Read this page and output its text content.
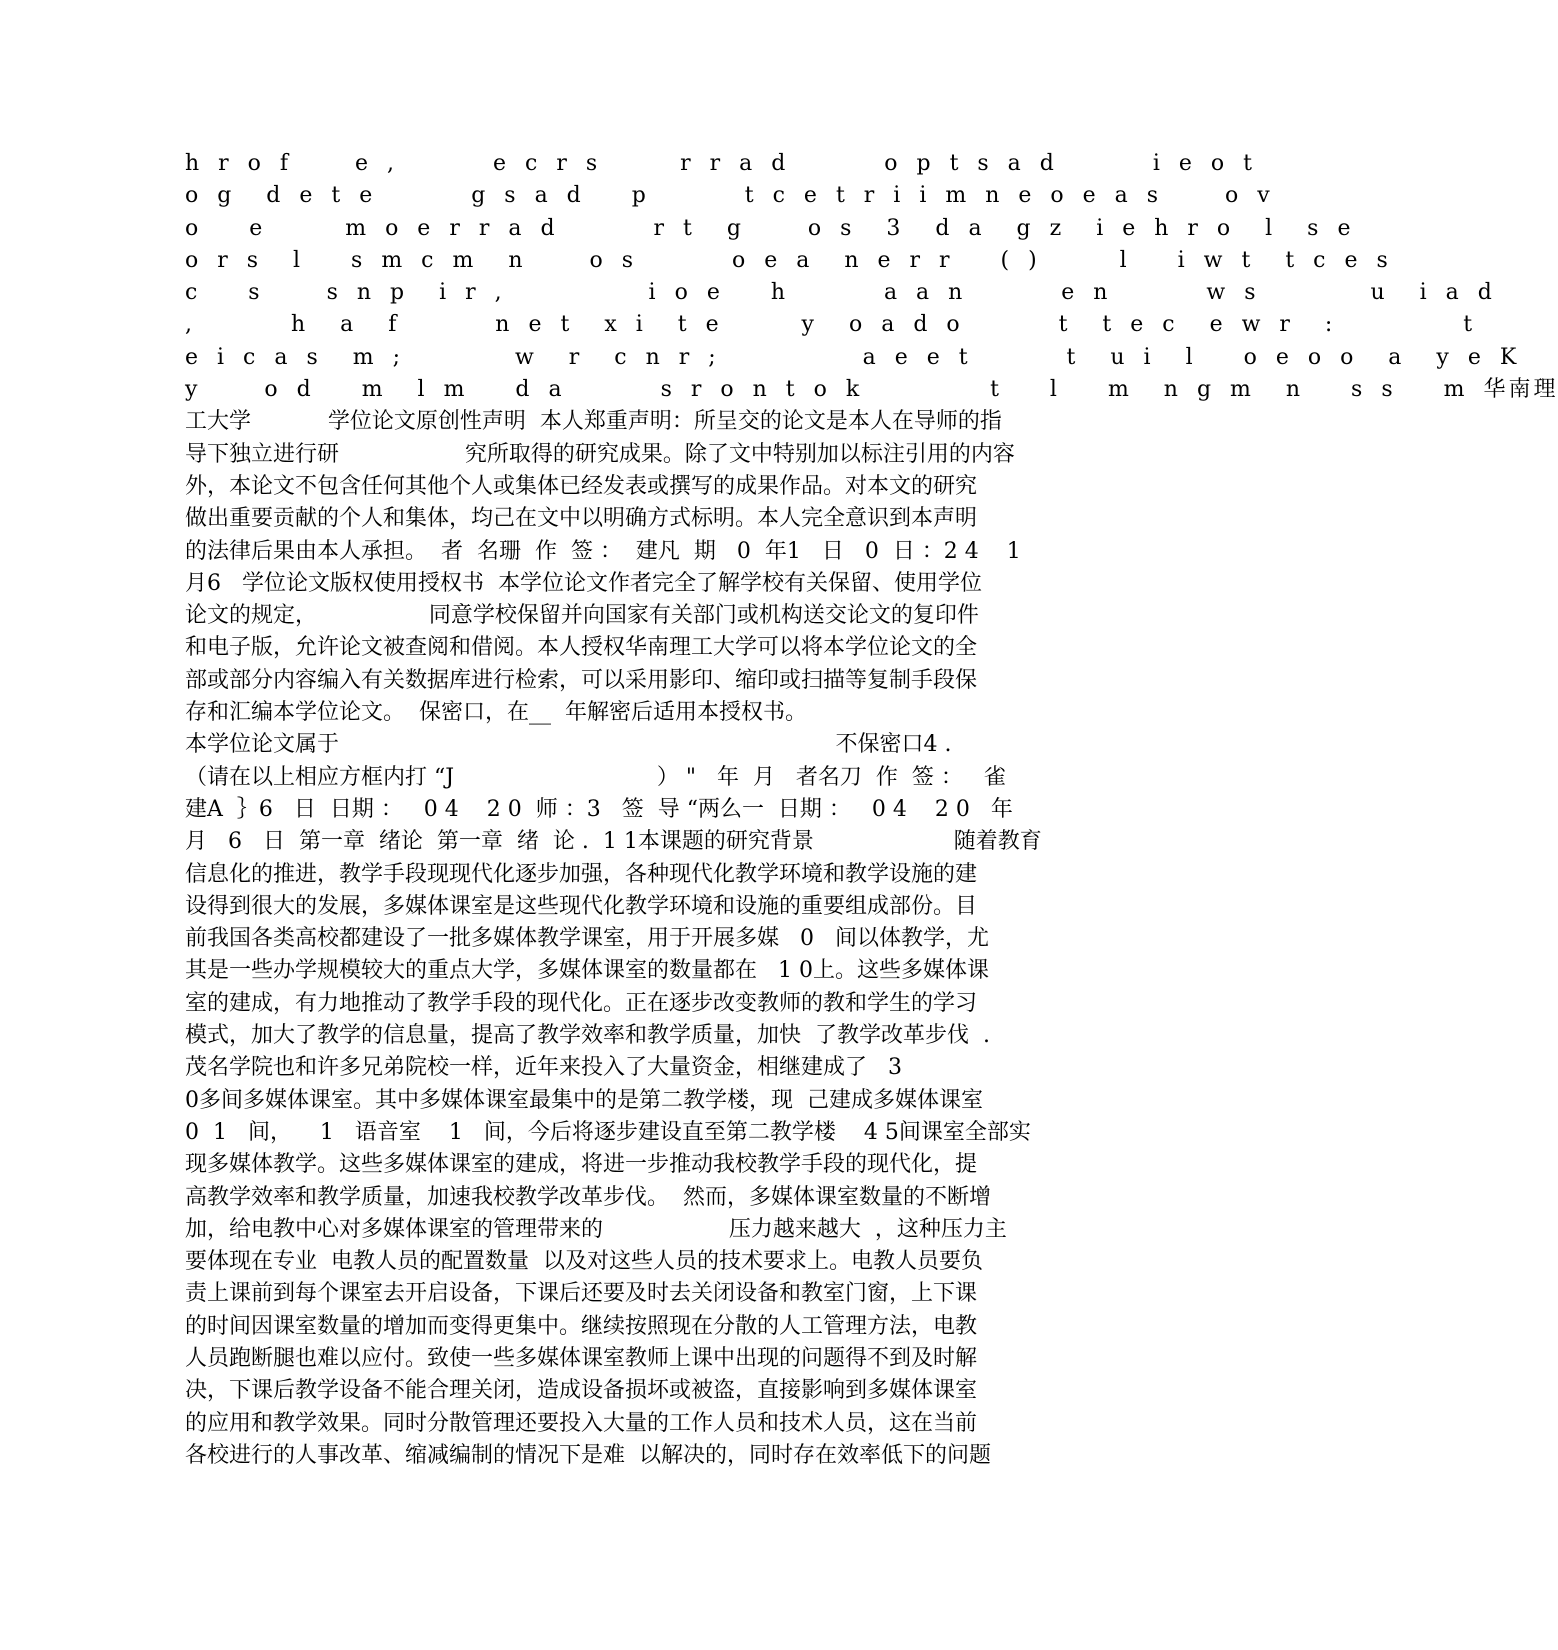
h r o f    e ,      e c r s     r r a d      o p t s a d      i e o t
o g  d e t e      g s a d   p      t c e t r i i m n e o e a s    o v
o   e     m o e r r a d      r t  g    o s  3  d a  g z  i e h r o  l  s e
o r s  l   s m c m  n    o s      o e a  n e r r   ( )     l   i w t  t c e s
c   s    s n p  i r ,         i o e   h      a a n      e n      w s       u  i a d
,      h  a  f      n e t  x i  t e     y  o a d o      t  t e c  e w r  :        t
e i c a s  m ;       w  r  c n r ;         a e e t      t  u i  l   o e o o  a  y e K
y    o d   m  l m   d a      s r o n t o k        t   l   m  n g m  n   s s   m 华南理
工大学           学位论文原创性声明  本人郑重声明：所呈交的论文是本人在导师的指
导下独立进行研                  究所取得的研究成果。除了文中特别加以标注引用的内容
外，本论文不包含任何其他个人或集体已经发表或撰写的成果作品。对本文的研究
做出重要贡献的个人和集体，均己在文中以明确方式标明。本人完全意识到本声明
的法律后果由本人承担。  者  名珊  作  签 ：  建凡  期   0  年1   日   0  日 ：2 4    1
月6   学位论文版权使用授权书  本学位论文作者完全了解学校有关保留、使用学位
论文的规定，                同意学校保留并向国家有关部门或机构送交论文的复印件
和电子版，允许论文被查阅和借阅。本人授权华南理工大学可以将本学位论文的全
部或部分内容编入有关数据库进行检索，可以采用影印、缩印或扫描等复制手段保
存和汇编本学位论文。  保密口，在__  年解密后适用本授权书。
本学位论文属于                                                                       不保密口4 .
（请在以上相应方框内打 “J                             ） "   年  月   者名刀  作  签 ：   雀
建A  ｝6   日  日期 ：   0 4    2 0  师 ：3   签  导 “两么一  日期 ：   0 4    2 0   年
月   6   日  第一章  绪论  第一章  绪  论 .  1 1本课题的研究背景                    随着教育
信息化的推进，教学手段现现代化逐步加强，各种现代化教学环境和教学设施的建
设得到很大的发展，多媒体课室是这些现代化教学环境和设施的重要组成部份。目
前我国各类高校都建设了一批多媒体教学课室，用于开展多媒   0   间以体教学，尤
其是一些办学规模较大的重点大学，多媒体课室的数量都在   1 0上。这些多媒体课
室的建成，有力地推动了教学手段的现代化。正在逐步改变教师的教和学生的学习
模式，加大了教学的信息量，提高了教学效率和教学质量，加快  了教学改革步伐  .
茂名学院也和许多兄弟院校一样，近年来投入了大量资金，相继建成了   3
0多间多媒体课室。其中多媒体课室最集中的是第二教学楼，现  己建成多媒体课室
0  1   间，    1   语音室    1   间，今后将逐步建设直至第二教学楼    4 5间课室全部实
现多媒体教学。这些多媒体课室的建成，将进一步推动我校教学手段的现代化，提
高教学效率和教学质量，加速我校教学改革步伐。  然而，多媒体课室数量的不断增
加，给电教中心对多媒体课室的管理带来的                  压力越来越大  ，这种压力主
要体现在专业  电教人员的配置数量  以及对这些人员的技术要求上。电教人员要负
责上课前到每个课室去开启设备，下课后还要及时去关闭设备和教室门窗，上下课
的时间因课室数量的增加而变得更集中。继续按照现在分散的人工管理方法，电教
人员跑断腿也难以应付。致使一些多媒体课室教师上课中出现的问题得不到及时解
决，下课后教学设备不能合理关闭，造成设备损坏或被盗，直接影响到多媒体课室
的应用和教学效果。同时分散管理还要投入大量的工作人员和技术人员，这在当前
各校进行的人事改革、缩减编制的情况下是难  以解决的，同时存在效率低下的问题
